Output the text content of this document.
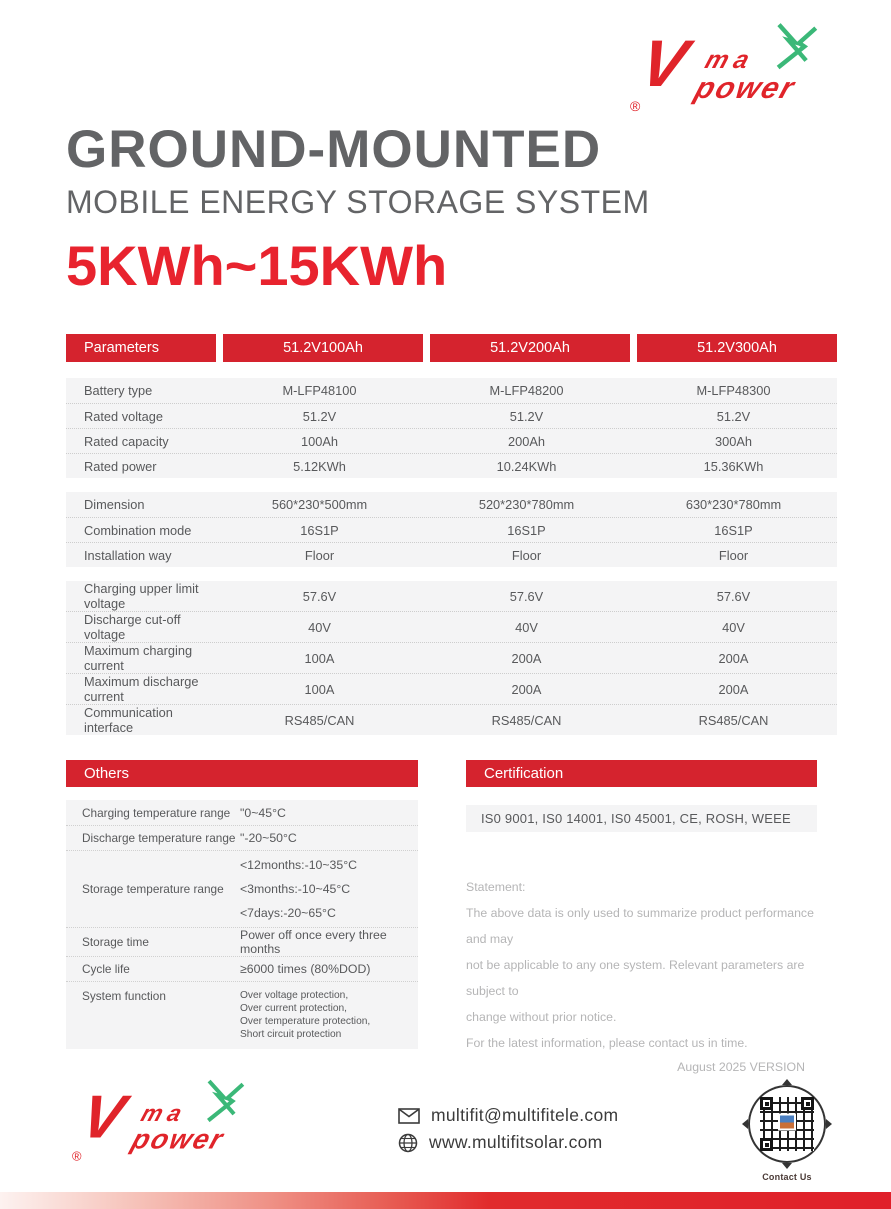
V ma
power
®
GROUND-MOUNTED
MOBILE ENERGY STORAGE SYSTEM
5KWh~15KWh
Parameters	51.2V100Ah	51.2V200Ah	51.2V300Ah
Battery type	M-LFP48100	M-LFP48200	M-LFP48300
Rated voltage	51.2V	51.2V	51.2V
Rated capacity	100Ah	200Ah	300Ah
Rated power	5.12KWh	10.24KWh	15.36KWh
Dimension	560*230*500mm	520*230*780mm	630*230*780mm
Combination mode	16S1P	16S1P	16S1P
Installation way	Floor	Floor	Floor
Charging upper limit voltage	57.6V	57.6V	57.6V
Discharge cut-off voltage	40V	40V	40V
Maximum charging current	100A	200A	200A
Maximum discharge current	100A	200A	200A
Communication interface	RS485/CAN	RS485/CAN	RS485/CAN
Others
Charging temperature range "0~45°C
Discharge temperature range "-20~50°C
Storage temperature range
<12months:-10~35°C
<3months:-10~45°C
<7days:-20~65°C
Storage time	Power off once every three months
Cycle life	≥6000 times (80%DOD)
System function	Over voltage protection,
Over current protection,
Over temperature protection,
Short circuit protection
Certification
IS0 9001, IS0 14001, IS0 45001, CE, ROSH, WEEE
Statement:
The above data is only used to summarize product performance and may
not be applicable to any one system. Relevant parameters are subject to
change without prior notice.
For the latest information, please contact us in time.
August 2025 VERSION
V ma
power
®
multifit@multifitele.com
www.multifitsolar.com
Contact Us
